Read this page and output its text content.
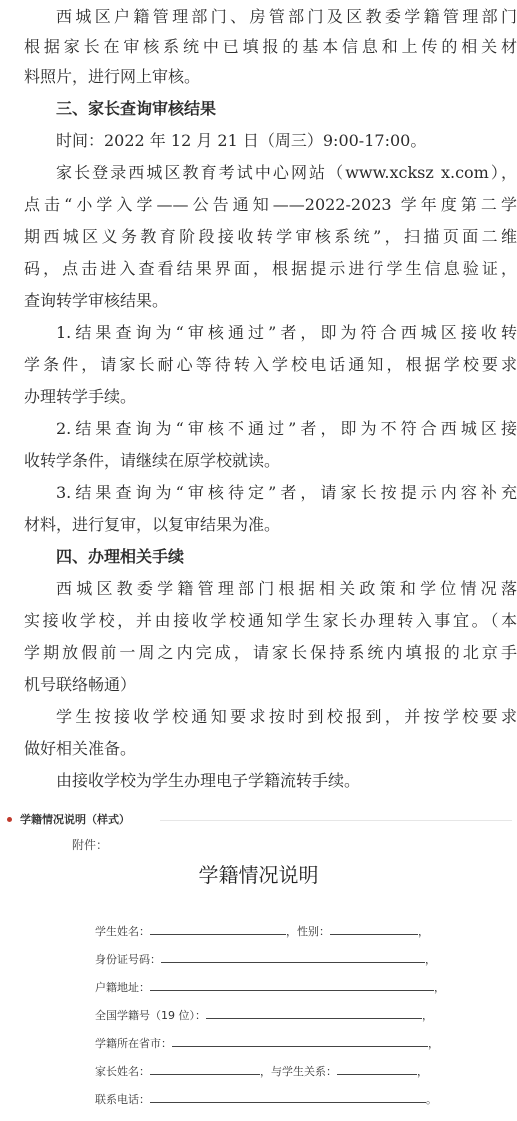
西城区户籍管理部门、房管部门及区教委学籍管理部门
根据家长在审核系统中已填报的基本信息和上传的相关材
料照片，进行网上审核。
三、家长查询审核结果
时间：2022 年 12 月 21 日（周三）9:00-17:00。
家长登录西城区教育考试中心网站（www.xcksz x.com），
点击“小学入学——公告通知——2022-2023 学年度第二学
期西城区义务教育阶段接收转学审核系统”，扫描页面二维
码，点击进入查看结果界面，根据提示进行学生信息验证，
查询转学审核结果。
1.结果查询为“审核通过”者，即为符合西城区接收转
学条件，请家长耐心等待转入学校电话通知，根据学校要求
办理转学手续。
2.结果查询为“审核不通过”者，即为不符合西城区接
收转学条件，请继续在原学校就读。
3.结果查询为“审核待定”者，请家长按提示内容补充
材料，进行复审，以复审结果为准。
四、办理相关手续
西城区教委学籍管理部门根据相关政策和学位情况落
实接收学校，并由接收学校通知学生家长办理转入事宜。（本
学期放假前一周之内完成，请家长保持系统内填报的北京手
机号联络畅通）
学生按接收学校通知要求按时到校报到，并按学校要求
做好相关准备。
由接收学校为学生办理电子学籍流转手续。
学籍情况说明（样式）
附件：
学籍情况说明
学生姓名：	，性别：	，
身份证号码：	，
户籍地址：	，
全国学籍号（19 位）：	，
学籍所在省市：	，
家长姓名：	，与学生关系：	，
联系电话：	。
